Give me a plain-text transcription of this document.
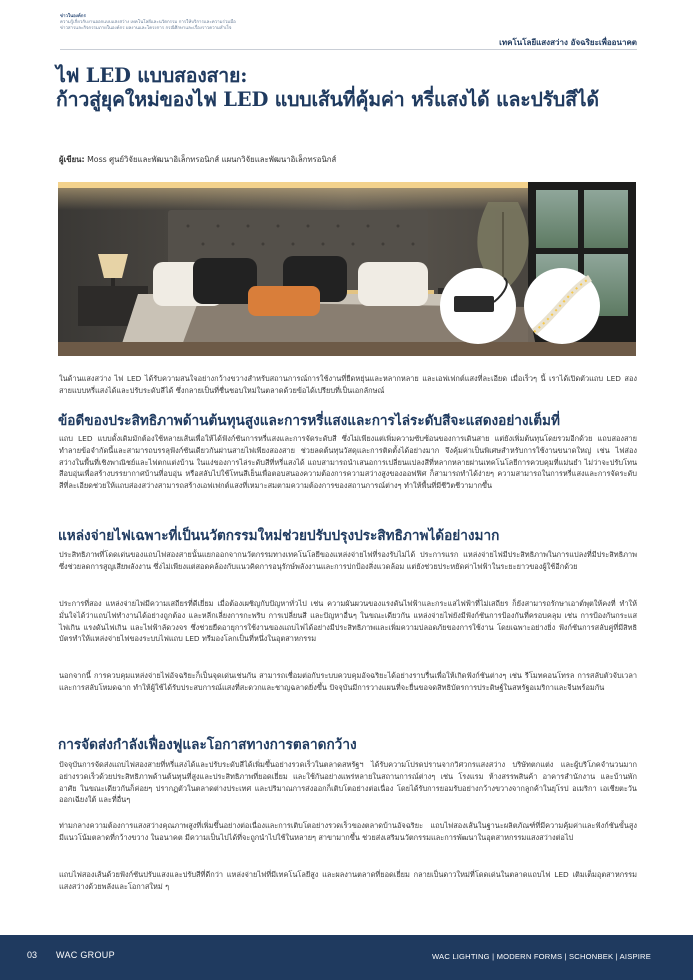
ข่าวในองค์กร
ความรู้เกี่ยวกับงานออกแบบแสงสว่าง เทคโนโลยีและนวัตกรรม การให้บริการและความร่วมมือ
ข่าวสารและกิจกรรมภายในองค์กร ผลงานและโครงการ กรณีศึกษาและเรื่องราวความสำเร็จ
เทคโนโลยีแสงสว่าง อัจฉริยะเพื่ออนาคต
ไฟ LED แบบสองสาย:
ก้าวสู่ยุคใหม่ของไฟ LED แบบเส้นที่คุ้มค่า หรี่แสงได้ และปรับสีได้
ผู้เขียน: Moss ศูนย์วิจัยและพัฒนาอิเล็กทรอนิกส์ แผนกวิจัยและพัฒนาอิเล็กทรอนิกส์
ในด้านแสงสว่าง ไฟ LED ได้รับความสนใจอย่างกว้างขวางสำหรับสถานการณ์การใช้งานที่ยืดหยุ่นและหลากหลาย และเอฟเฟกต์แสงที่ละเอียด เมื่อเร็วๆ นี้ เราได้เปิดตัวแถบ LED สองสายแบบหรี่แสงได้และปรับระดับสีได้ ซึ่งกลายเป็นที่ชื่นชอบใหม่ในตลาดด้วยข้อได้เปรียบที่เป็นเอกลักษณ์
ข้อดีของประสิทธิภาพด้านต้นทุนสูงและการหรี่แสงและการไล่ระดับสีจะแสดงอย่างเต็มที่
แถบ LED แบบดั้งเดิมมักต้องใช้หลายเส้นเพื่อให้ได้ฟังก์ชันการหรี่แสงและการจัดระดับสี ซึ่งไม่เพียงแต่เพิ่มความซับซ้อนของการเดินสาย แต่ยังเพิ่มต้นทุนโดยรวมอีกด้วย แถบสองสายทำลายข้อจำกัดนี้และสามารถบรรลุฟังก์ชันเดียวกันผ่านสายไฟเพียงสองสาย ช่วยลดต้นทุนวัสดุและการติดตั้งได้อย่างมาก จึงคุ้มค่าเป็นพิเศษสำหรับการใช้งานขนาดใหญ่ เช่น ไฟส่องสว่างในพื้นที่เชิงพาณิชย์และไฟตกแต่งบ้าน ในแง่ของการไล่ระดับสีที่หรี่แสงได้ แถบสามารถนำเสนอการเปลี่ยนแปลงสีที่หลากหลายผ่านเทคโนโลยีการควบคุมที่แม่นยำ ไม่ว่าจะปรับโทนสีอบอุ่นเพื่อสร้างบรรยากาศบ้านที่อบอุ่น หรือสลับไปใช้โทนสีเย็นเพื่อตอบสนองความต้องการความสว่างสูงของออฟฟิศ ก็สามารถทำได้ง่ายๆ ความสามารถในการหรี่แสงและการจัดระดับสีที่ละเอียดช่วยให้แถบส่องสว่างสามารถสร้างเอฟเฟกต์แสงที่เหมาะสมตามความต้องการของสถานการณ์ต่างๆ ทำให้พื้นที่มีชีวิตชีวามากขึ้น
แหล่งจ่ายไฟเฉพาะที่เป็นนวัตกรรมใหม่ช่วยปรับปรุงประสิทธิภาพได้อย่างมาก
ประสิทธิภาพที่โดดเด่นของแถบไฟสองสายนั้นแยกออกจากนวัตกรรมทางเทคโนโลยีของแหล่งจ่ายไฟที่รองรับไม่ได้ ประการแรก แหล่งจ่ายไฟมีประสิทธิภาพในการแปลงที่มีประสิทธิภาพ ซึ่งช่วยลดการสูญเสียพลังงาน ซึ่งไม่เพียงแต่สอดคล้องกับแนวคิดการอนุรักษ์พลังงานและการปกป้องสิ่งแวดล้อม แต่ยังช่วยประหยัดค่าไฟฟ้าในระยะยาวของผู้ใช้อีกด้วย
ประการที่สอง แหล่งจ่ายไฟมีความเสถียรที่ดีเยี่ยม เมื่อต้องเผชิญกับปัญหาทั่วไป เช่น ความผันผวนของแรงดันไฟฟ้าและกระแสไฟฟ้าที่ไม่เสถียร ก็ยังสามารถรักษาเอาต์พุตให้คงที่ ทำให้มั่นใจได้ว่าแถบไฟทำงานได้อย่างถูกต้อง และหลีกเลี่ยงการกะพริบ การเปลี่ยนสี และปัญหาอื่นๆ ในขณะเดียวกัน แหล่งจ่ายไฟยังมีฟังก์ชันการป้องกันที่ครอบคลุม เช่น การป้องกันกระแสไฟเกิน แรงดันไฟเกิน และไฟฟ้าลัดวงจร ซึ่งช่วยยืดอายุการใช้งานของแถบไฟได้อย่างมีประสิทธิภาพและเพิ่มความปลอดภัยของการใช้งาน โดยเฉพาะอย่างยิ่ง ฟังก์ชันการสลับคู่ที่มีสิทธิบัตรทำให้แหล่งจ่ายไฟของระบบไฟแถบ LED ทรีมองโลกเป็นที่หนึ่งในอุตสาหกรรม
นอกจากนี้ การควบคุมแหล่งจ่ายไฟอัจฉริยะก็เป็นจุดเด่นเช่นกัน สามารถเชื่อมต่อกับระบบควบคุมอัจฉริยะได้อย่างราบรื่นเพื่อให้เกิดฟังก์ชันต่างๆ เช่น รีโมทคอนโทรล การสลับตัวจับเวลา และการสลับโหมดฉาก ทำให้ผู้ใช้ได้รับประสบการณ์แสงที่สะดวกและชาญฉลาดยิ่งขึ้น ปัจจุบันมีการวางแผนที่จะยื่นขอจดสิทธิบัตรการประดิษฐ์ในสหรัฐอเมริกาและจีนพร้อมกัน
การจัดส่งกำลังเฟื่องฟูและโอกาสทางการตลาดกว้าง
ปัจจุบันการจัดส่งแถบไฟสองสายที่หรี่แสงได้และปรับระดับสีได้เพิ่มขึ้นอย่างรวดเร็วในตลาดสหรัฐฯ ได้รับความโปรดปรานจากวิศวกรแสงสว่าง บริษัทตกแต่ง และผู้บริโภคจำนวนมาก อย่างรวดเร็วด้วยประสิทธิภาพด้านต้นทุนที่สูงและประสิทธิภาพที่ยอดเยี่ยม และใช้กันอย่างแพร่หลายในสถานการณ์ต่างๆ เช่น โรงแรม ห้างสรรพสินค้า อาคารสำนักงาน และบ้านพักอาศัย ในขณะเดียวกันก็ค่อยๆ ปรากฏตัวในตลาดต่างประเทศ และปริมาณการส่งออกก็เติบโตอย่างต่อเนื่อง โดยได้รับการยอมรับอย่างกว้างขวางจากลูกค้าในยุโรป อเมริกา เอเชียตะวันออกเฉียงใต้ และที่อื่นๆ
ท่ามกลางความต้องการแสงสว่างคุณภาพสูงที่เพิ่มขึ้นอย่างต่อเนื่องและการเติบโตอย่างรวดเร็วของตลาดบ้านอัจฉริยะ แถบไฟสองเส้นในฐานะผลิตภัณฑ์ที่มีความคุ้มค่าและฟังก์ชันขั้นสูง มีแนวโน้มตลาดที่กว้างขวาง ในอนาคต มีความเป็นไปได้ที่จะถูกนำไปใช้ในหลายๆ สาขามากขึ้น ช่วยส่งเสริมนวัตกรรมและการพัฒนาในอุตสาหกรรมแสงสว่างต่อไป
แถบไฟสองเส้นด้วยฟังก์ชันปรับแสงและปรับสีที่ดีกว่า แหล่งจ่ายไฟที่มีเทคโนโลยีสูง และผลงานตลาดที่ยอดเยี่ยม กลายเป็นดาวใหม่ที่โดดเด่นในตลาดแถบไฟ LED เติมเต็มอุตสาหกรรมแสงสว่างด้วยพลังและโอกาสใหม่ ๆ
03 WAC GROUP	WAC LIGHTING | MODERN FORMS | SCHONBEK | AISPIRE
